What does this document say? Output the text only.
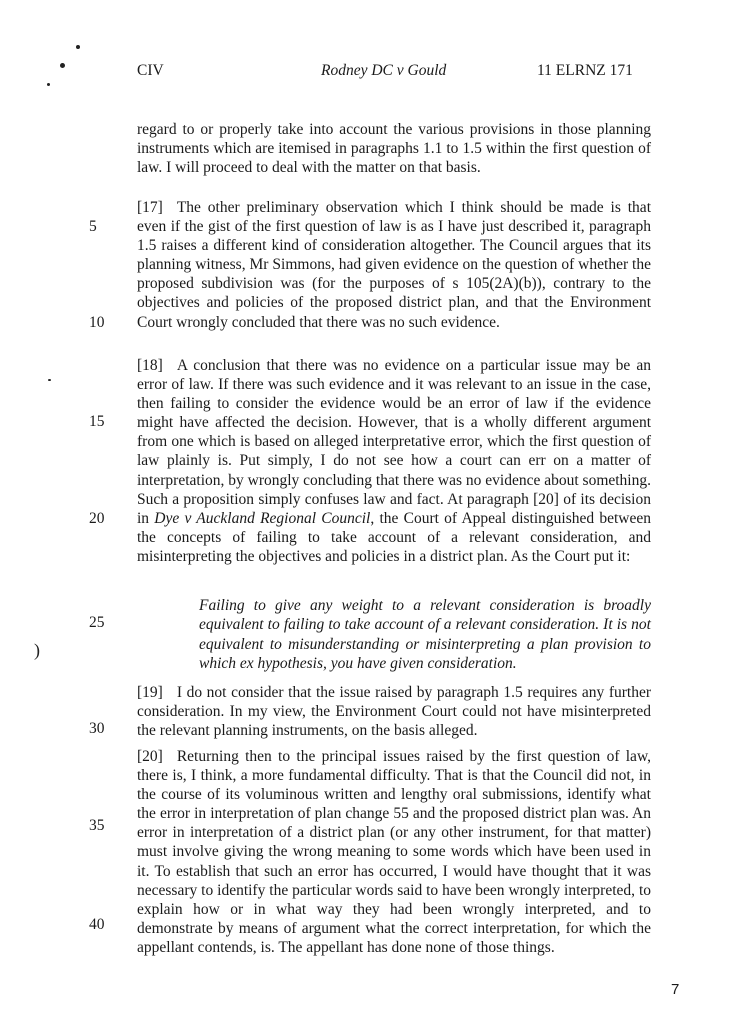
)
CIV	Rodney DC v Gould	11 ELRNZ 171
5
10
15
20
25
30
35
40
regard to or properly take into account the various provisions in those planning instruments which are itemised in paragraphs 1.1 to 1.5 within the first question of law. I will proceed to deal with the matter on that basis.
[17] The other preliminary observation which I think should be made is that even if the gist of the first question of law is as I have just described it, paragraph 1.5 raises a different kind of consideration altogether. The Council argues that its planning witness, Mr Simmons, had given evidence on the question of whether the proposed subdivision was (for the purposes of s 105(2A)(b)), contrary to the objectives and policies of the proposed district plan, and that the Environment Court wrongly concluded that there was no such evidence.
[18] A conclusion that there was no evidence on a particular issue may be an error of law. If there was such evidence and it was relevant to an issue in the case, then failing to consider the evidence would be an error of law if the evidence might have affected the decision. However, that is a wholly different argument from one which is based on alleged interpretative error, which the first question of law plainly is. Put simply, I do not see how a court can err on a matter of interpretation, by wrongly concluding that there was no evidence about something. Such a proposition simply confuses law and fact. At paragraph [20] of its decision in Dye v Auckland Regional Council, the Court of Appeal distinguished between the concepts of failing to take account of a relevant consideration, and misinterpreting the objectives and policies in a district plan. As the Court put it:
Failing to give any weight to a relevant consideration is broadly equivalent to failing to take account of a relevant consideration. It is not equivalent to misunderstanding or misinterpreting a plan provision to which ex hypothesis, you have given consideration.
[19] I do not consider that the issue raised by paragraph 1.5 requires any further consideration. In my view, the Environment Court could not have misinterpreted the relevant planning instruments, on the basis alleged.
[20] Returning then to the principal issues raised by the first question of law, there is, I think, a more fundamental difficulty. That is that the Council did not, in the course of its voluminous written and lengthy oral submissions, identify what the error in interpretation of plan change 55 and the proposed district plan was. An error in interpretation of a district plan (or any other instrument, for that matter) must involve giving the wrong meaning to some words which have been used in it. To establish that such an error has occurred, I would have thought that it was necessary to identify the particular words said to have been wrongly interpreted, to explain how or in what way they had been wrongly interpreted, and to demonstrate by means of argument what the correct interpretation, for which the appellant contends, is. The appellant has done none of those things.
7
